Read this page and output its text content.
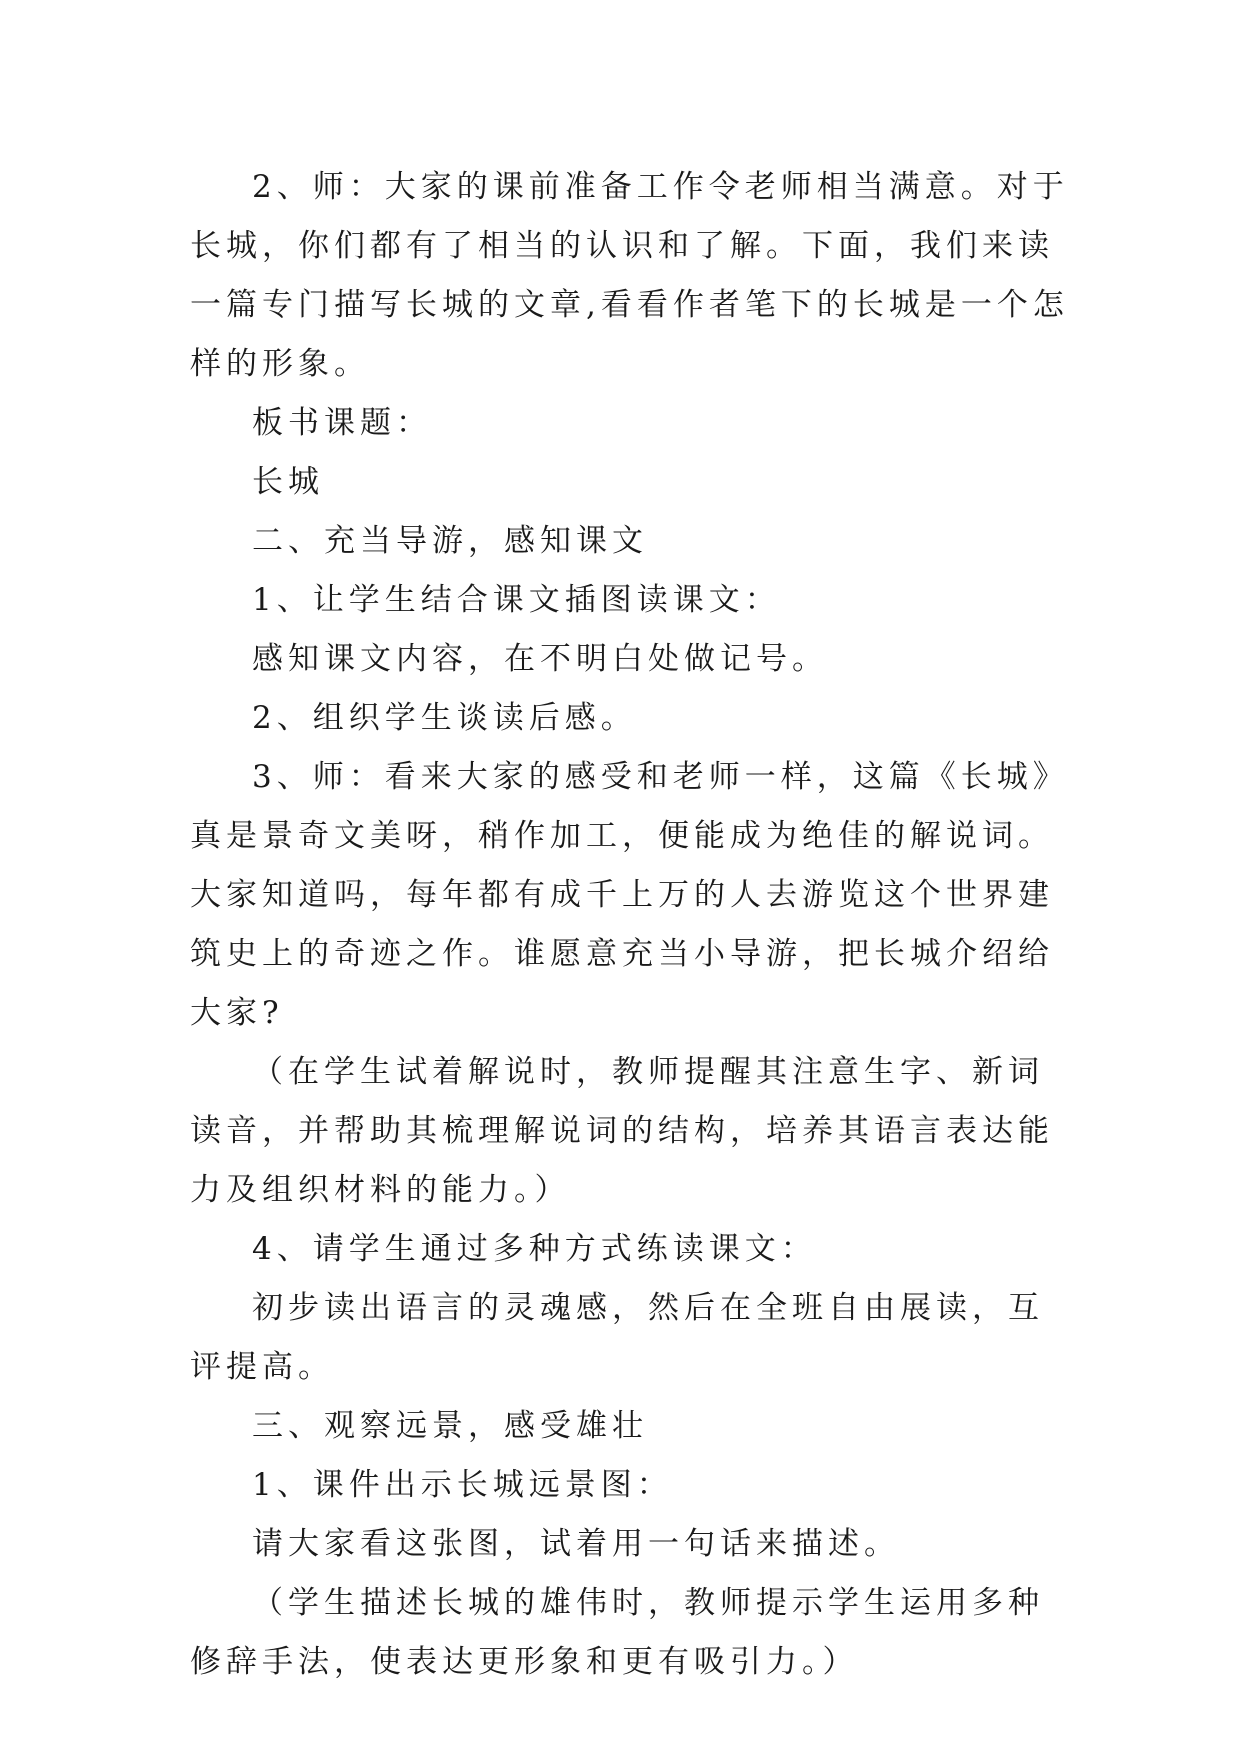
2、师：大家的课前准备工作令老师相当满意。对于长城，你们都有了相当的认识和了解。下面，我们来读一篇专门描写长城的文章,看看作者笔下的长城是一个怎样的形象。

板书课题：

长城

二、充当导游，感知课文

1、让学生结合课文插图读课文：

感知课文内容，在不明白处做记号。

2、组织学生谈读后感。

3、师：看来大家的感受和老师一样，这篇《长城》真是景奇文美呀，稍作加工，便能成为绝佳的解说词。大家知道吗，每年都有成千上万的人去游览这个世界建筑史上的奇迹之作。谁愿意充当小导游，把长城介绍给大家?

（在学生试着解说时，教师提醒其注意生字、新词读音，并帮助其梳理解说词的结构，培养其语言表达能力及组织材料的能力。）

4、请学生通过多种方式练读课文：

初步读出语言的灵魂感，然后在全班自由展读，互评提高。

三、观察远景，感受雄壮

1、课件出示长城远景图：

请大家看这张图，试着用一句话来描述。

（学生描述长城的雄伟时，教师提示学生运用多种修辞手法，使表达更形象和更有吸引力。）
